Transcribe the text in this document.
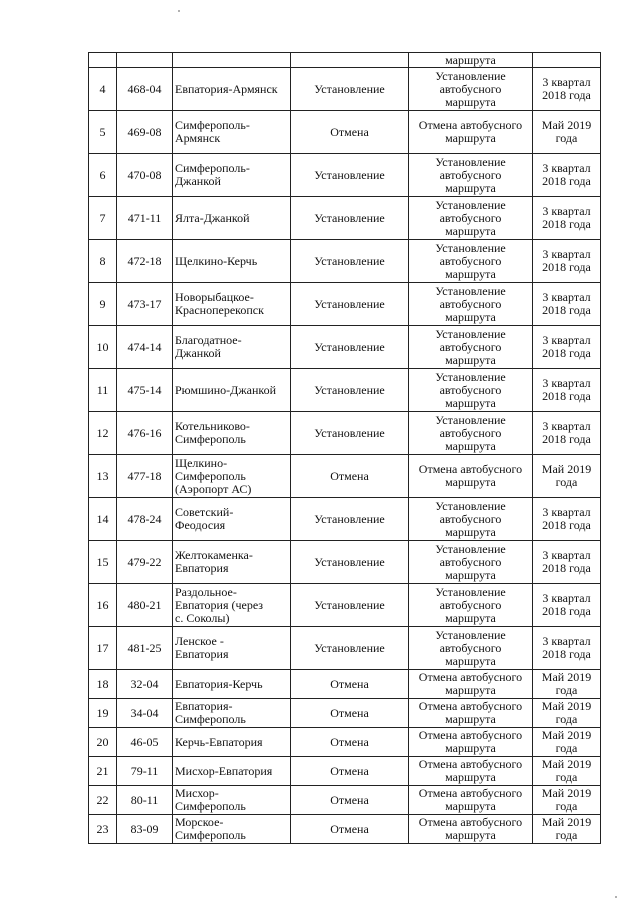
				маршрута	
4	468-04	Евпатория-Армянск	Установление	Установление
автобусного
маршрута	3 квартал
2018 года
5	469-08	Симферополь-
Армянск	Отмена	Отмена автобусного
маршрута	Май 2019
года
6	470-08	Симферополь-
Джанкой	Установление	Установление
автобусного
маршрута	3 квартал
2018 года
7	471-11	Ялта-Джанкой	Установление	Установление
автобусного
маршрута	3 квартал
2018 года
8	472-18	Щелкино-Керчь	Установление	Установление
автобусного
маршрута	3 квартал
2018 года
9	473-17	Новорыбацкое-
Красноперекопск	Установление	Установление
автобусного
маршрута	3 квартал
2018 года
10	474-14	Благодатное-
Джанкой	Установление	Установление
автобусного
маршрута	3 квартал
2018 года
11	475-14	Рюмшино-Джанкой	Установление	Установление
автобусного
маршрута	3 квартал
2018 года
12	476-16	Котельниково-
Симферополь	Установление	Установление
автобусного
маршрута	3 квартал
2018 года
13	477-18	Щелкино-
Симферополь
(Аэропорт АС)	Отмена	Отмена автобусного
маршрута	Май 2019
года
14	478-24	Советский-
Феодосия	Установление	Установление
автобусного
маршрута	3 квартал
2018 года
15	479-22	Желтокаменка-
Евпатория	Установление	Установление
автобусного
маршрута	3 квартал
2018 года
16	480-21	Раздольное-
Евпатория (через
с. Соколы)	Установление	Установление
автобусного
маршрута	3 квартал
2018 года
17	481-25	Ленское -
Евпатория	Установление	Установление
автобусного
маршрута	3 квартал
2018 года
18	32-04	Евпатория-Керчь	Отмена	Отмена автобусного
маршрута	Май 2019
года
19	34-04	Евпатория-
Симферополь	Отмена	Отмена автобусного
маршрута	Май 2019
года
20	46-05	Керчь-Евпатория	Отмена	Отмена автобусного
маршрута	Май 2019
года
21	79-11	Мисхор-Евпатория	Отмена	Отмена автобусного
маршрута	Май 2019
года
22	80-11	Мисхор-
Симферополь	Отмена	Отмена автобусного
маршрута	Май 2019
года
23	83-09	Морское-
Симферополь	Отмена	Отмена автобусного
маршрута	Май 2019
года
